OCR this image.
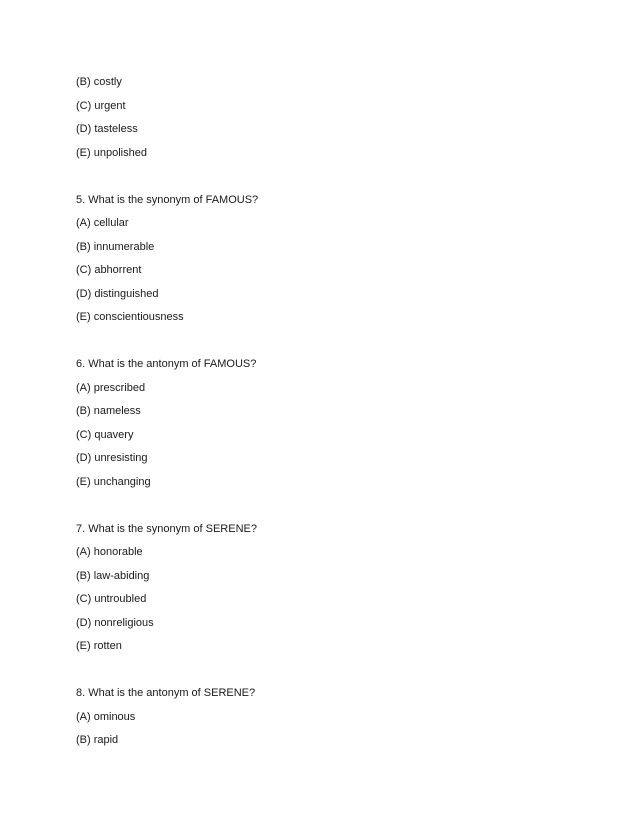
(B) costly

(C) urgent

(D) tasteless

(E) unpolished

5. What is the synonym of FAMOUS?

(A) cellular

(B) innumerable

(C) abhorrent

(D) distinguished

(E) conscientiousness

6. What is the antonym of FAMOUS?

(A) prescribed

(B) nameless

(C) quavery

(D) unresisting

(E) unchanging

7. What is the synonym of SERENE?

(A) honorable

(B) law-abiding

(C) untroubled

(D) nonreligious

(E) rotten

8. What is the antonym of SERENE?

(A) ominous

(B) rapid
